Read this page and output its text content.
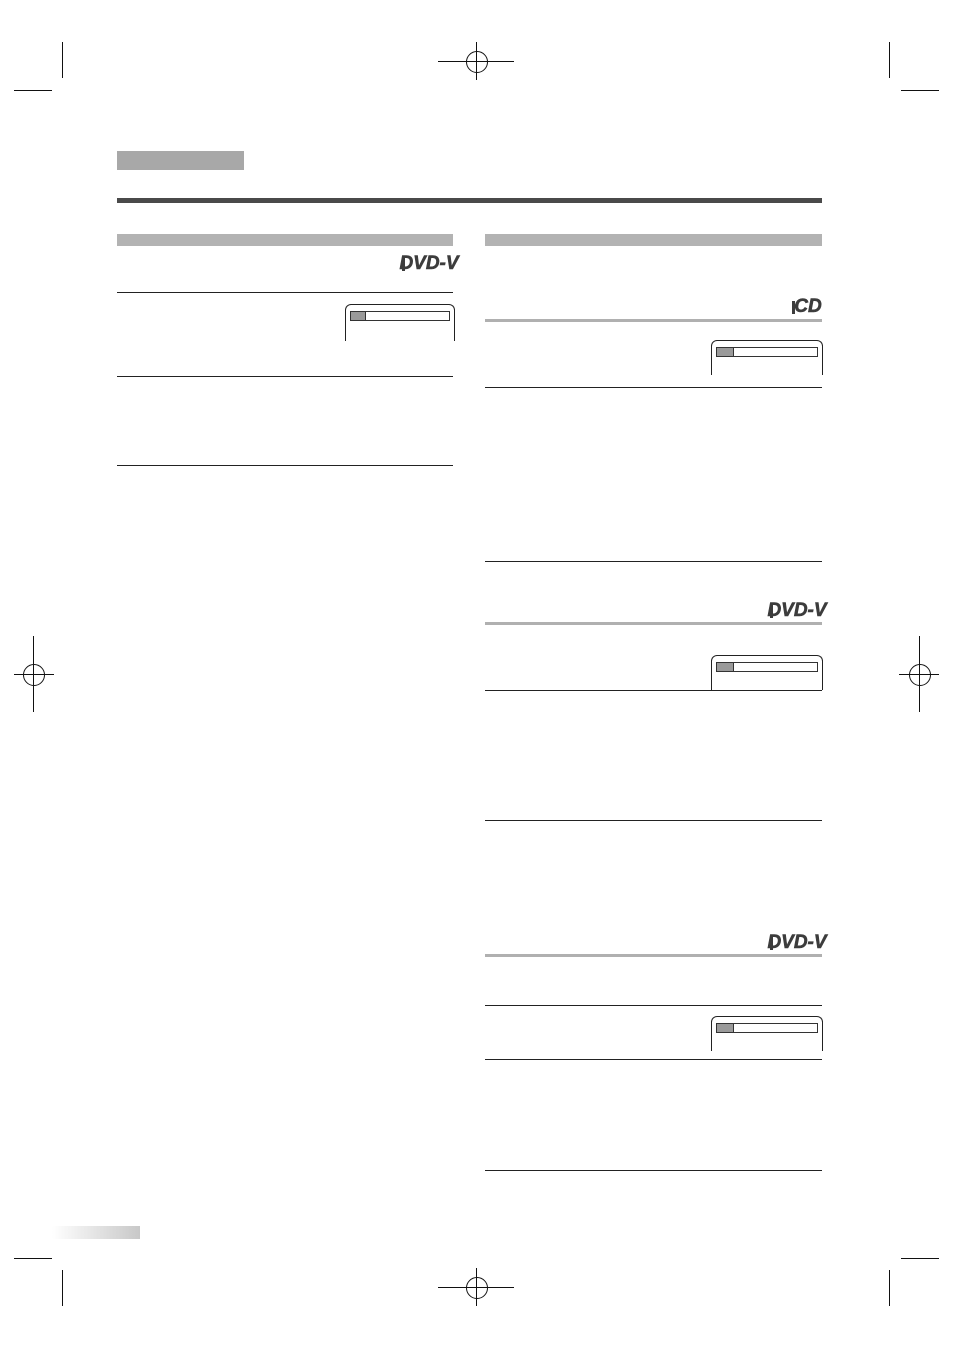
DVD-V
CD
DVD-V
DVD-V
